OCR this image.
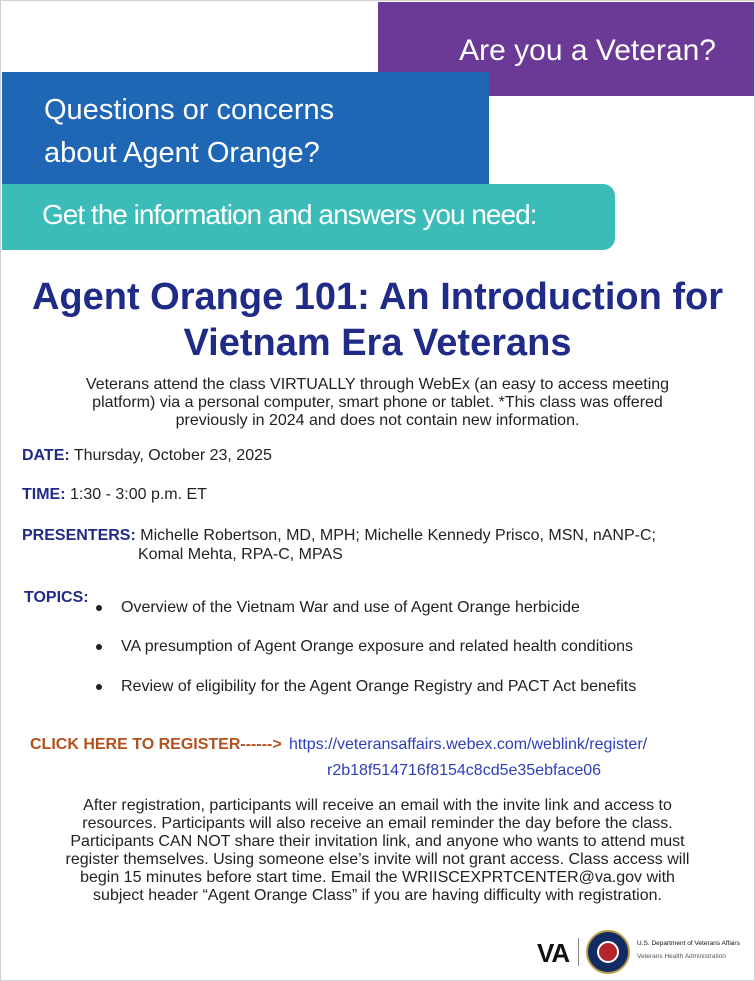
Are you a Veteran?
Questions or concerns
about Agent Orange?
Get the information and answers you need:
Agent Orange 101: An Introduction for
Vietnam Era Veterans
Veterans attend the class VIRTUALLY through WebEx (an easy to access meeting
platform) via a personal computer, smart phone or tablet. *This class was offered
previously in 2024 and does not contain new information.
DATE: Thursday, October 23, 2025
TIME: 1:30 - 3:00 p.m. ET
PRESENTERS: Michelle Robertson, MD, MPH; Michelle Kennedy Prisco, MSN, nANP-C;
Komal Mehta, RPA-C, MPAS
TOPICS:
Overview of the Vietnam War and use of Agent Orange herbicide
VA presumption of Agent Orange exposure and related health conditions
Review of eligibility for the Agent Orange Registry and PACT Act benefits
CLICK HERE TO REGISTER------> https://veteransaffairs.webex.com/weblink/register/
r2b18f514716f8154c8cd5e35ebface06
After registration, participants will receive an email with the invite link and access to
resources. Participants will also receive an email reminder the day before the class.
Participants CAN NOT share their invitation link, and anyone who wants to attend must
register themselves. Using someone else’s invite will not grant access. Class access will
begin 15 minutes before start time. Email the WRIISCEXPRTCENTER@va.gov with
subject header “Agent Orange Class” if you are having difficulty with registration.
VA	U.S. Department of Veterans Affairs
Veterans Health Administration
